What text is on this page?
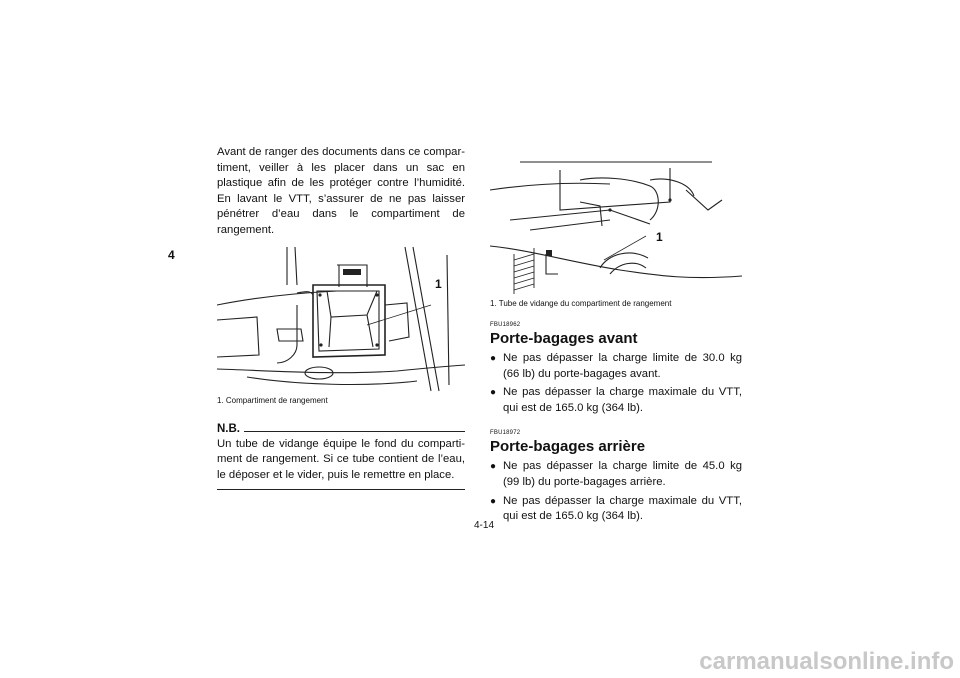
4

Avant de ranger des documents dans ce compartiment, veiller à les placer dans un sac en plastique afin de les protéger contre l’humidité. En lavant le VTT, s’assurer de ne pas laisser pénétrer d’eau dans le compartiment de rangement.

1
1. Compartiment de rangement
N.B.

Un tube de vidange équipe le fond du compartiment de rangement. Si ce tube contient de l’eau, le déposer et le vider, puis le remettre en place.

1
1. Tube de vidange du compartiment de rangement
FBU18962
Porte-bagages avant
● Ne pas dépasser la charge limite de 30.0 kg (66 lb) du porte-bagages avant.
● Ne pas dépasser la charge maximale du VTT, qui est de 165.0 kg (364 lb).
FBU18972
Porte-bagages arrière
● Ne pas dépasser la charge limite de 45.0 kg (99 lb) du porte-bagages arrière.
● Ne pas dépasser la charge maximale du VTT, qui est de 165.0 kg (364 lb).
4-14
carmanualsonline.info
